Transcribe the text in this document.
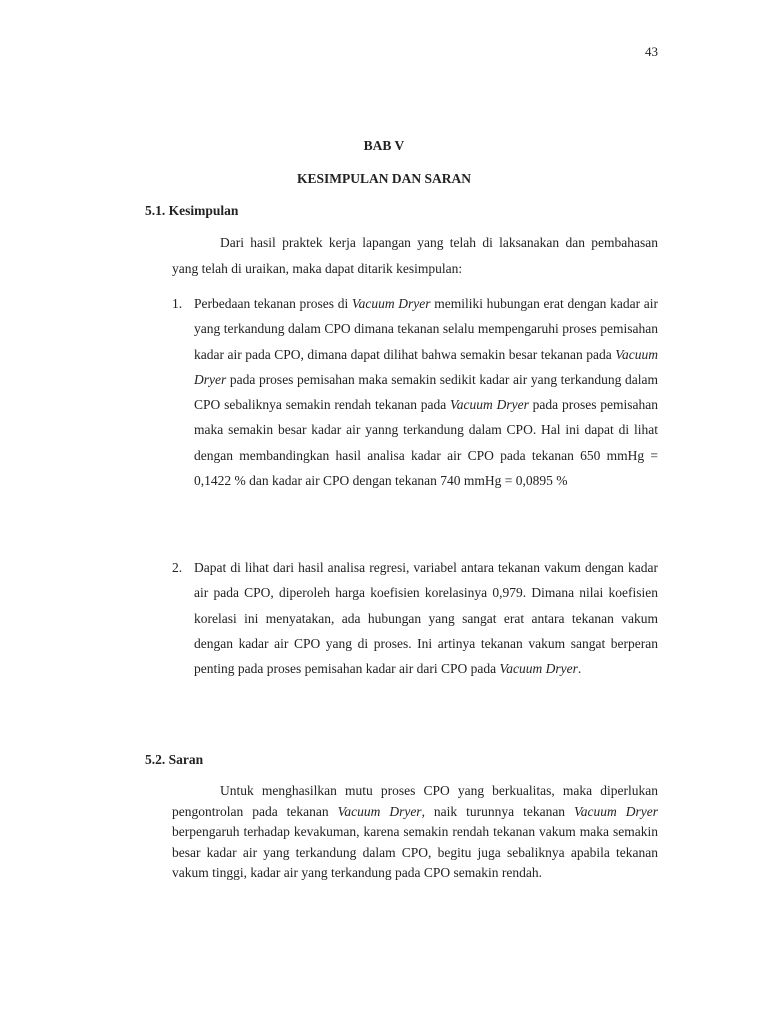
43
BAB V
KESIMPULAN DAN SARAN
5.1. Kesimpulan
Dari hasil praktek kerja lapangan yang telah di laksanakan dan pembahasan yang telah di uraikan, maka dapat ditarik kesimpulan:
1. Perbedaan tekanan proses di Vacuum Dryer memiliki hubungan erat dengan kadar air yang terkandung dalam CPO dimana tekanan selalu mempengaruhi proses pemisahan kadar air pada CPO, dimana dapat dilihat bahwa semakin besar tekanan pada Vacuum Dryer pada proses pemisahan maka semakin sedikit kadar air yang terkandung dalam CPO sebaliknya semakin rendah tekanan pada Vacuum Dryer pada proses pemisahan maka semakin besar kadar air yanng terkandung dalam CPO. Hal ini dapat di lihat dengan membandingkan hasil analisa kadar air CPO pada tekanan 650 mmHg = 0,1422 % dan kadar air CPO dengan tekanan 740 mmHg = 0,0895 %
2. Dapat di lihat dari hasil analisa regresi, variabel antara tekanan vakum dengan kadar air pada CPO, diperoleh harga koefisien korelasinya 0,979. Dimana nilai koefisien korelasi ini menyatakan, ada hubungan yang sangat erat antara tekanan vakum dengan kadar air CPO yang di proses. Ini artinya tekanan vakum sangat berperan penting pada proses pemisahan kadar air dari CPO pada Vacuum Dryer.
5.2. Saran
Untuk menghasilkan mutu proses CPO yang berkualitas, maka diperlukan pengontrolan pada tekanan Vacuum Dryer, naik turunnya tekanan Vacuum Dryer berpengaruh terhadap kevakuman, karena semakin rendah tekanan vakum maka semakin besar kadar air yang terkandung dalam CPO, begitu juga sebaliknya apabila tekanan vakum tinggi, kadar air yang terkandung pada CPO semakin rendah.
